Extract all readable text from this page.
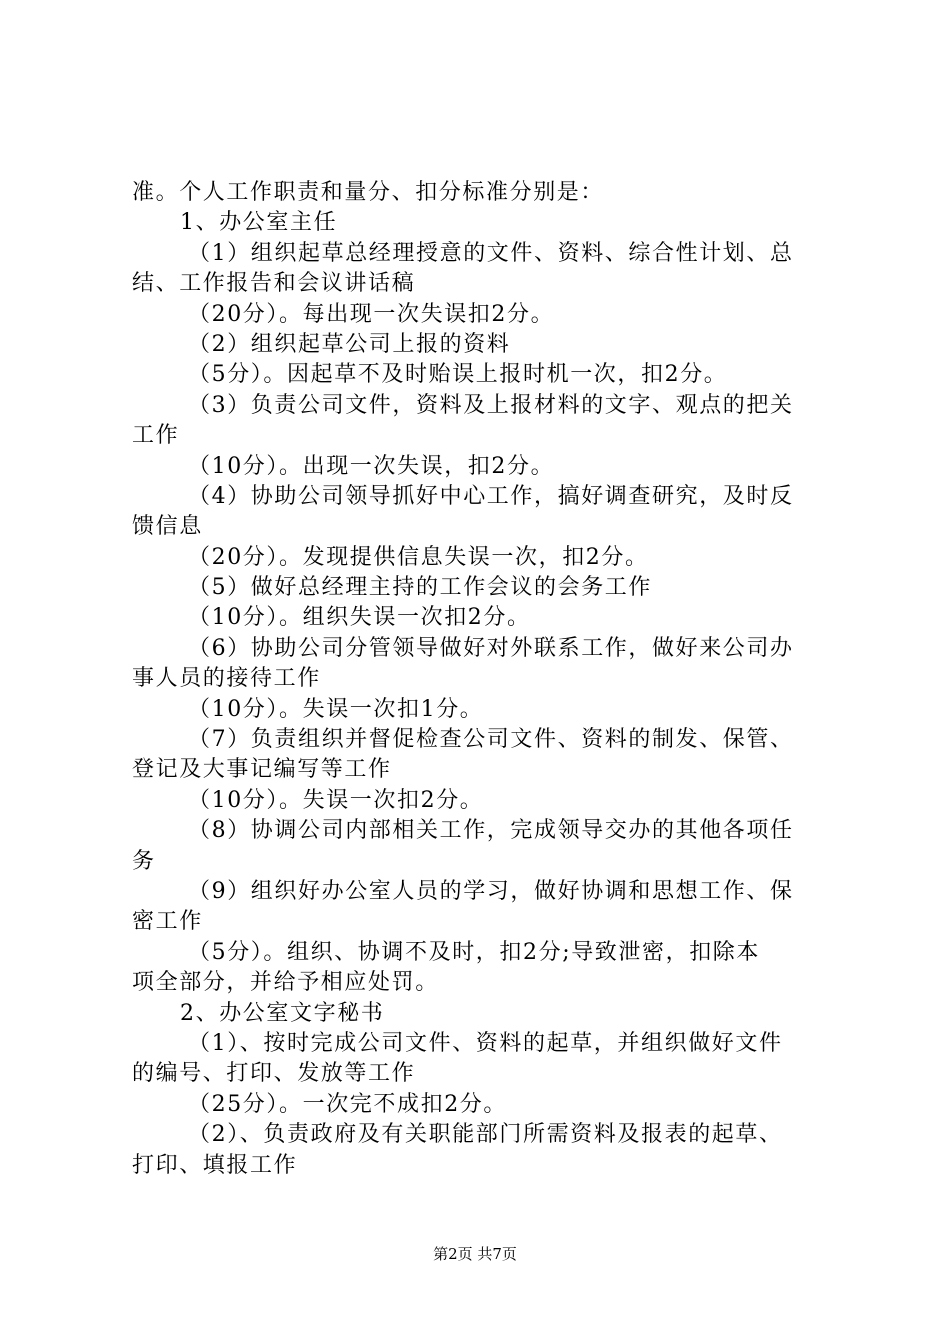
准。个人工作职责和量分、扣分标准分别是：
1、办公室主任
（1）组织起草总经理授意的文件、资料、综合性计划、总
结、工作报告和会议讲话稿
（20分）。每出现一次失误扣2分。
（2）组织起草公司上报的资料
（5分）。因起草不及时贻误上报时机一次，扣2分。
（3）负责公司文件，资料及上报材料的文字、观点的把关
工作
（10分）。出现一次失误，扣2分。
（4）协助公司领导抓好中心工作，搞好调查研究，及时反
馈信息
（20分）。发现提供信息失误一次，扣2分。
（5）做好总经理主持的工作会议的会务工作
（10分）。组织失误一次扣2分。
（6）协助公司分管领导做好对外联系工作，做好来公司办
事人员的接待工作
（10分）。失误一次扣1分。
（7）负责组织并督促检查公司文件、资料的制发、保管、
登记及大事记编写等工作
（10分）。失误一次扣2分。
（8）协调公司内部相关工作，完成领导交办的其他各项任
务
（9）组织好办公室人员的学习，做好协调和思想工作、保
密工作
（5分）。组织、协调不及时，扣2分;导致泄密，扣除本
项全部分，并给予相应处罚。
2、办公室文字秘书
（1）、按时完成公司文件、资料的起草，并组织做好文件
的编号、打印、发放等工作
（25分）。一次完不成扣2分。
（2）、负责政府及有关职能部门所需资料及报表的起草、
打印、填报工作
第2页 共7页
